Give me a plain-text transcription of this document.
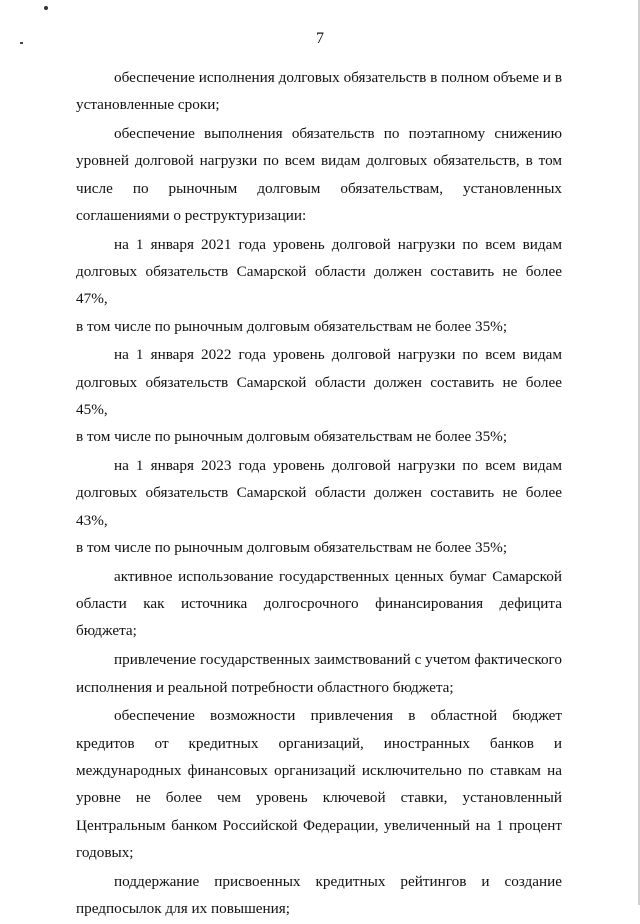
7
обеспечение исполнения долговых обязательств в полном объеме и в
установленные сроки;
обеспечение выполнения обязательств по поэтапному снижению
уровней долговой нагрузки по всем видам долговых обязательств, в том
числе по рыночным долговым обязательствам, установленных
соглашениями о реструктуризации:
на 1 января 2021 года уровень долговой нагрузки по всем видам
долговых обязательств Самарской области должен составить не более 47%,
в том числе по рыночным долговым обязательствам не более 35%;
на 1 января 2022 года уровень долговой нагрузки по всем видам
долговых обязательств Самарской области должен составить не более 45%,
в том числе по рыночным долговым обязательствам не более 35%;
на 1 января 2023 года уровень долговой нагрузки по всем видам
долговых обязательств Самарской области должен составить не более 43%,
в том числе по рыночным долговым обязательствам не более 35%;
активное использование государственных ценных бумаг Самарской
области как источника долгосрочного финансирования дефицита
бюджета;
привлечение государственных заимствований с учетом фактического
исполнения и реальной потребности областного бюджета;
обеспечение возможности привлечения в областной бюджет
кредитов от кредитных организаций, иностранных банков и
международных финансовых организаций исключительно по ставкам на
уровне не более чем уровень ключевой ставки, установленный
Центральным банком Российской Федерации, увеличенный на 1 процент
годовых;
поддержание присвоенных кредитных рейтингов и создание
предпосылок для их повышения;
